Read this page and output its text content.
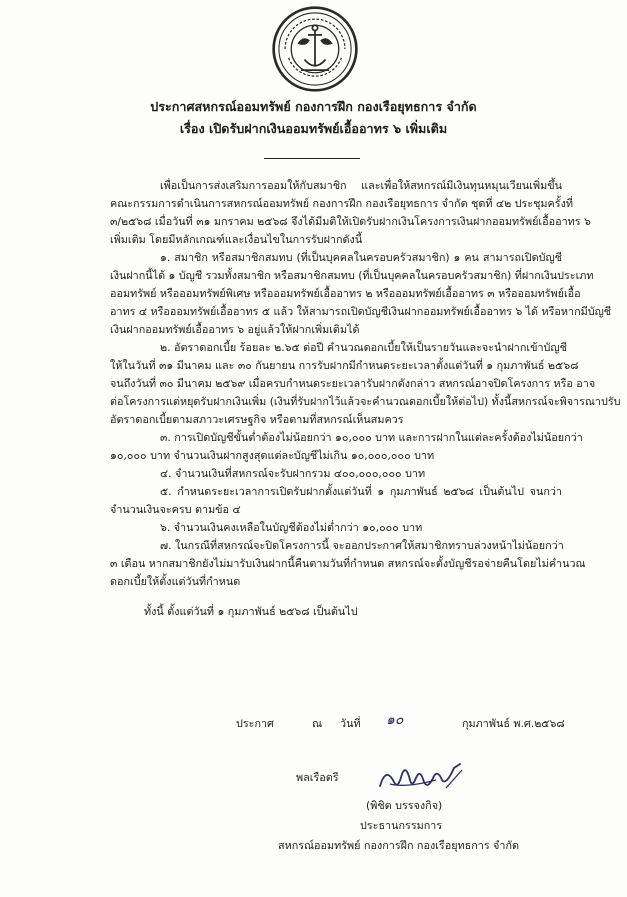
ประกาศสหกรณ์ออมทรัพย์ กองการฝึก กองเรือยุทธการ จำกัด
เรื่อง เปิดรับฝากเงินออมทรัพย์เอื้ออาทร ๖ เพิ่มเติม
เพื่อเป็นการส่งเสริมการออมให้กับสมาชิก และเพื่อให้สหกรณ์มีเงินทุนหมุนเวียนเพิ่มขึ้น
คณะกรรมการดำเนินการสหกรณ์ออมทรัพย์ กองการฝึก กองเรือยุทธการ จำกัด ชุดที่ ๔๒ ประชุมครั้งที่
๓/๒๕๖๘ เมื่อวันที่ ๓๑ มกราคม ๒๕๖๘ จึงได้มีมติให้เปิดรับฝากเงินโครงการเงินฝากออมทรัพย์เอื้ออาทร ๖
เพิ่มเติม โดยมีหลักเกณฑ์และเงื่อนไขในการรับฝากดังนี้
๑. สมาชิก หรือสมาชิกสมทบ (ที่เป็นบุคคลในครอบครัวสมาชิก) ๑ คน สามารถเปิดบัญชี
เงินฝากนี้ได้ ๑ บัญชี รวมทั้งสมาชิก หรือสมาชิกสมทบ (ที่เป็นบุคคลในครอบครัวสมาชิก) ที่ฝากเงินประเภท
ออมทรัพย์ หรือออมทรัพย์พิเศษ หรือออมทรัพย์เอื้ออาทร ๒ หรือออมทรัพย์เอื้ออาทร ๓ หรือออมทรัพย์เอื้อ
อาทร ๔ หรือออมทรัพย์เอื้ออาทร ๕ แล้ว ให้สามารถเปิดบัญชีเงินฝากออมทรัพย์เอื้ออาทร ๖ ได้ หรือหากมีบัญชี
เงินฝากออมทรัพย์เอื้ออาทร ๖ อยู่แล้วให้ฝากเพิ่มเติมได้
๒. อัตราดอกเบี้ย ร้อยละ ๒.๖๕ ต่อปี คำนวณดอกเบี้ยให้เป็นรายวันและจะนำฝากเข้าบัญชี
ให้ในวันที่ ๓๑ มีนาคม และ ๓๐ กันยายน การรับฝากมีกำหนดระยะเวลาตั้งแต่วันที่ ๑ กุมภาพันธ์ ๒๕๖๘
จนถึงวันที่ ๓๐ มีนาคม ๒๕๖๙ เมื่อครบกำหนดระยะเวลารับฝากดังกล่าว สหกรณ์อาจปิดโครงการ หรือ อาจ
ต่อโครงการแต่หยุดรับฝากเงินเพิ่ม (เงินที่รับฝากไว้แล้วจะคำนวณดอกเบี้ยให้ต่อไป) ทั้งนี้สหกรณ์จะพิจารณาปรับ
อัตราดอกเบี้ยตามสภาวะเศรษฐกิจ หรือตามที่สหกรณ์เห็นสมควร
๓. การเปิดบัญชีขั้นต่ำต้องไม่น้อยกว่า ๑๐,๐๐๐ บาท และการฝากในแต่ละครั้งต้องไม่น้อยกว่า
๑๐,๐๐๐ บาท จำนวนเงินฝากสูงสุดแต่ละบัญชีไม่เกิน ๑๐,๐๐๐,๐๐๐ บาท
๔. จำนวนเงินที่สหกรณ์จะรับฝากรวม ๔๐๐,๐๐๐,๐๐๐ บาท
๕. กำหนดระยะเวลาการเปิดรับฝากตั้งแต่วันที่ ๑ กุมภาพันธ์ ๒๕๖๘ เป็นต้นไป จนกว่า
จำนวนเงินจะครบ ตามข้อ ๔
๖. จำนวนเงินคงเหลือในบัญชีต้องไม่ต่ำกว่า ๑๐,๐๐๐ บาท
๗. ในกรณีที่สหกรณ์จะปิดโครงการนี้ จะออกประกาศให้สมาชิกทราบล่วงหน้าไม่น้อยกว่า
๓ เดือน หากสมาชิกยังไม่มารับเงินฝากนี้คืนตามวันที่กำหนด สหกรณ์จะตั้งบัญชีรอจ่ายคืนโดยไม่คำนวณ
ดอกเบี้ยให้ตั้งแต่วันที่กำหนด
ทั้งนี้ ตั้งแต่วันที่ ๑ กุมภาพันธ์ ๒๕๖๘ เป็นต้นไป
ประกาศ	ณ วันที่ ๑๐	กุมภาพันธ์ พ.ศ.๒๕๖๘
พลเรือตรี
(พิชิต บรรจงกิจ)
ประธานกรรมการ
สหกรณ์ออมทรัพย์ กองการฝึก กองเรือยุทธการ จำกัด
